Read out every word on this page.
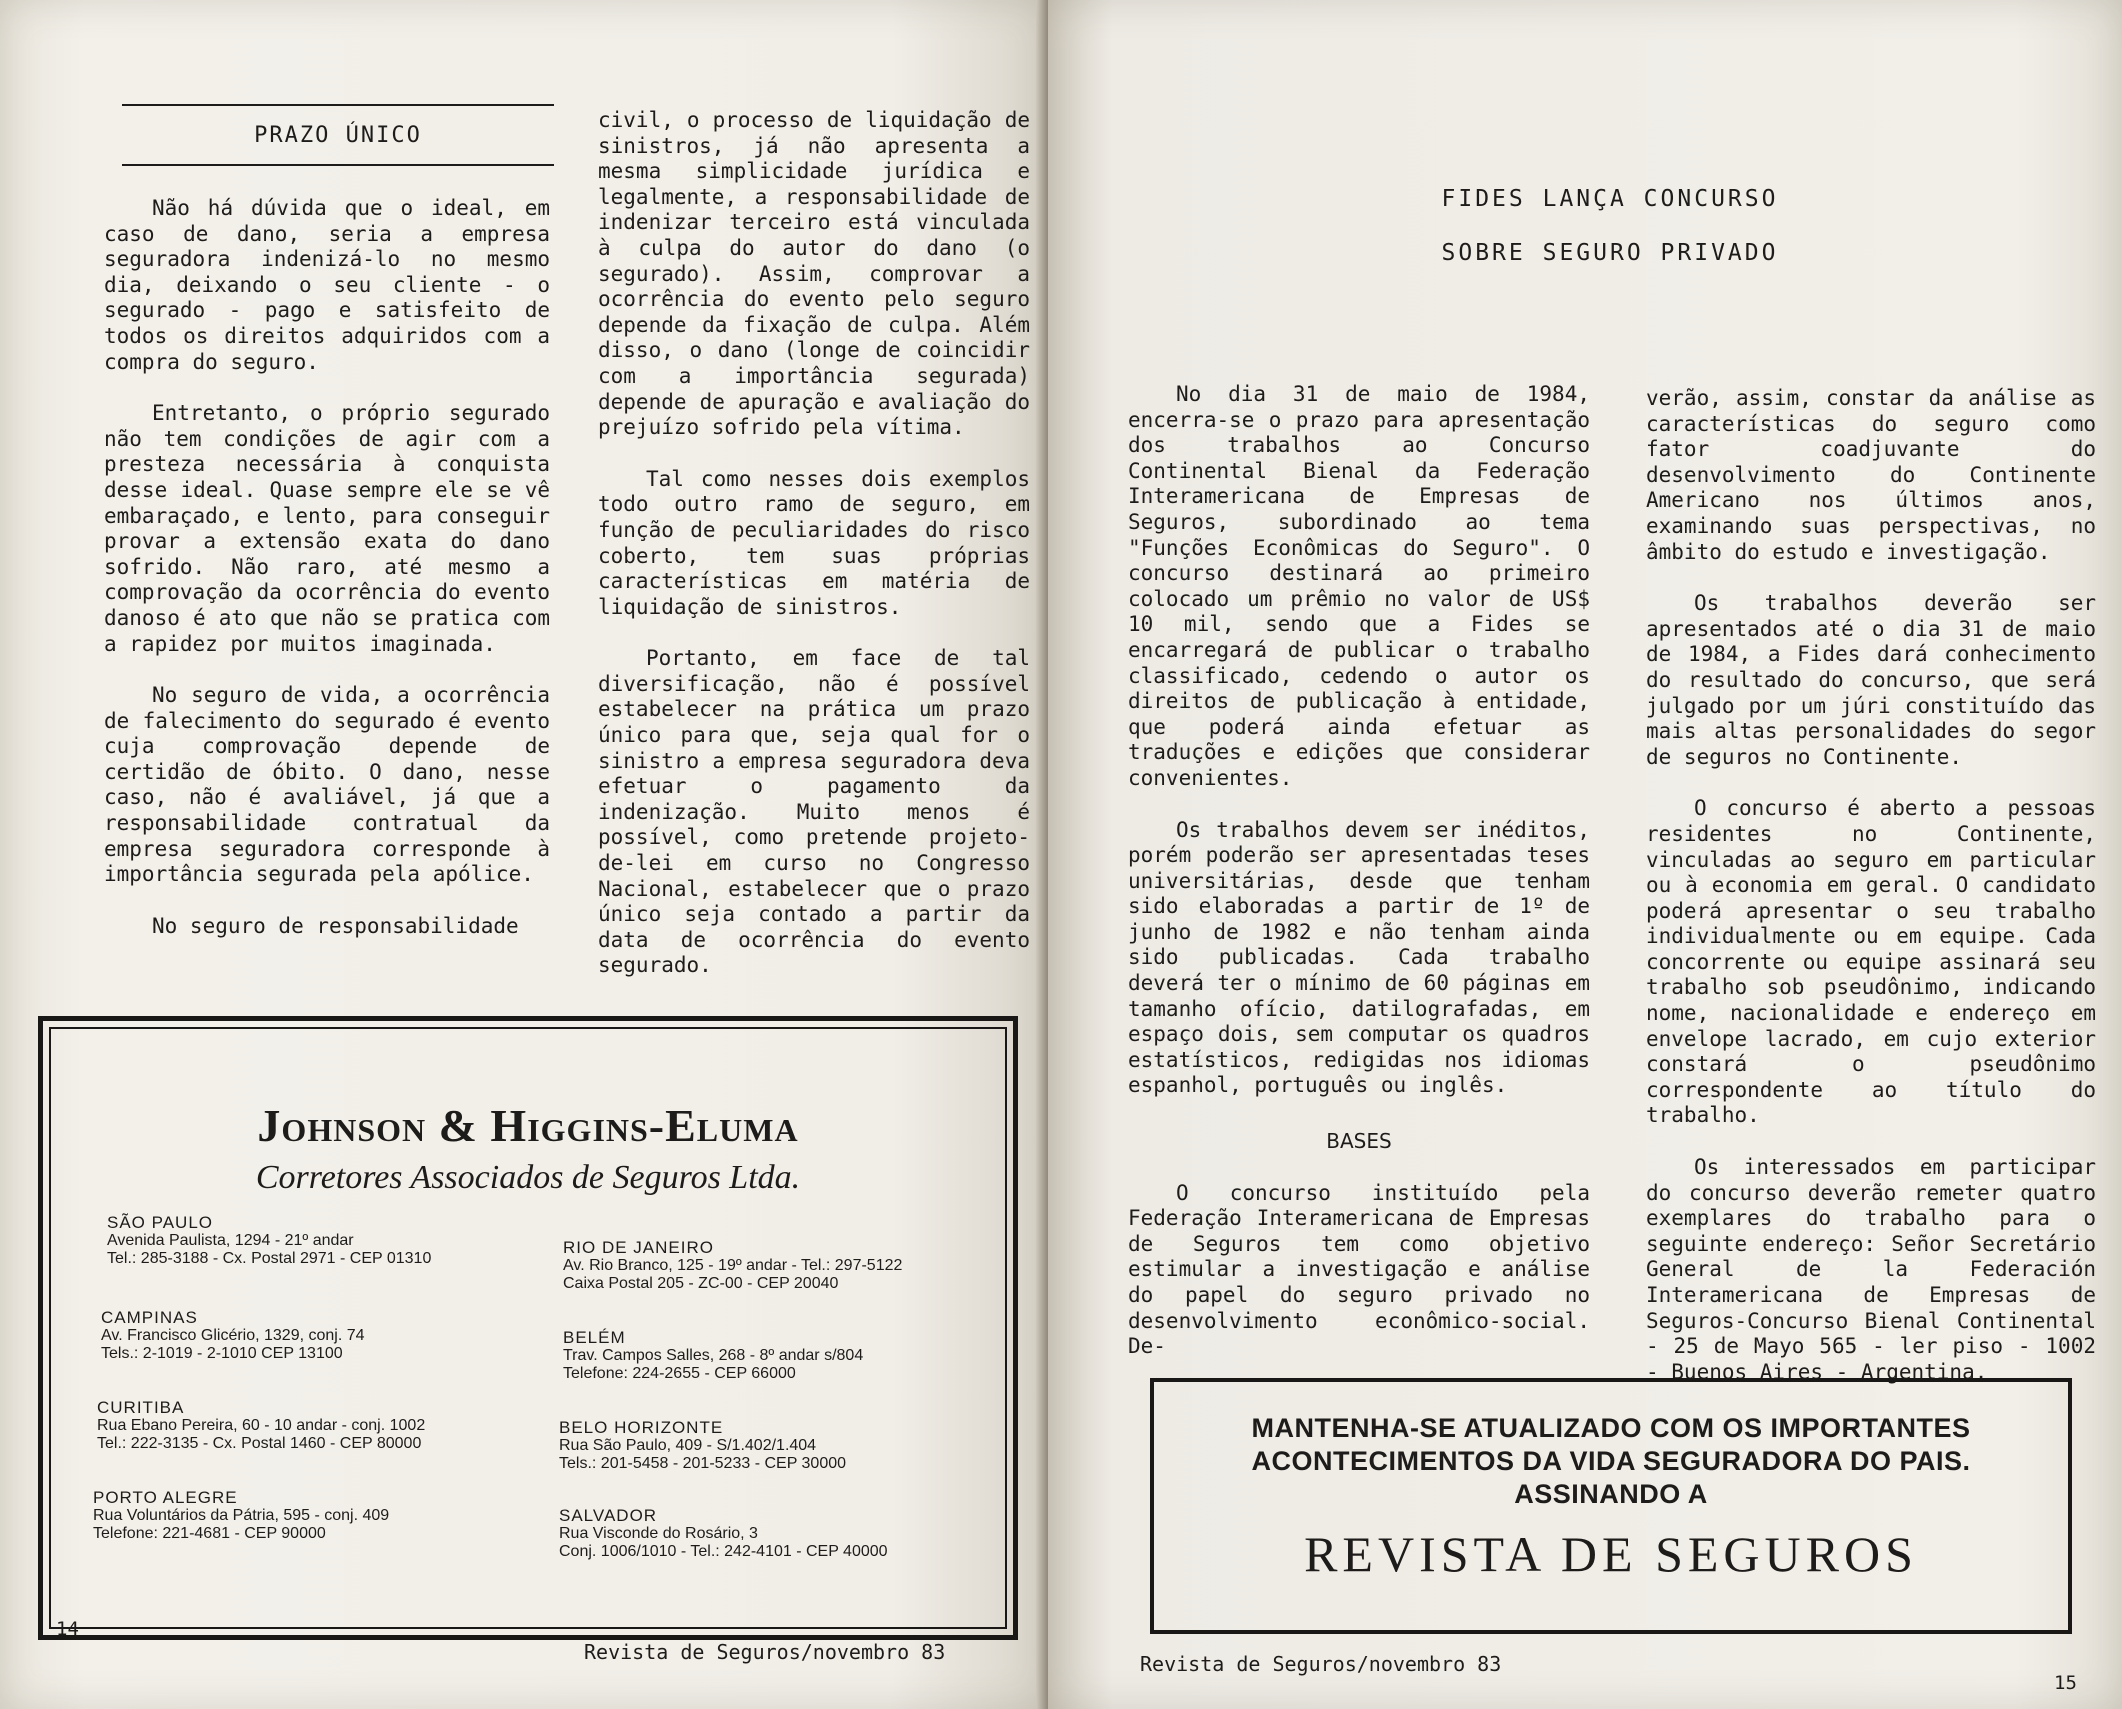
PRAZO ÚNICO

Não há dúvida que o ideal, em caso de dano, seria a empresa seguradora indenizá-lo no mesmo dia, deixando o seu cliente - o segurado - pago e satisfeito de todos os direitos adquiridos com a compra do seguro.

Entretanto, o próprio segurado não tem condições de agir com a presteza necessária à conquista desse ideal. Quase sempre ele se vê embaraçado, e lento, para conseguir provar a extensão exata do dano sofrido. Não raro, até mesmo a comprovação da ocorrência do evento danoso é ato que não se pratica com a rapidez por muitos imaginada.

No seguro de vida, a ocorrência de falecimento do segurado é evento cuja comprovação depende de certidão de óbito. O dano, nesse caso, não é avaliável, já que a responsabilidade contratual da empresa seguradora corresponde à importância segurada pela apólice.

No seguro de responsabilidade

civil, o processo de liquidação de sinistros, já não apresenta a mesma simplicidade jurídica e legalmente, a responsabilidade de indenizar terceiro está vinculada à culpa do autor do dano (o segurado). Assim, comprovar a ocorrência do evento pelo seguro depende da fixação de culpa. Além disso, o dano (longe de coincidir com a importância segurada) depende de apuração e avaliação do prejuízo sofrido pela vítima.

Tal como nesses dois exemplos todo outro ramo de seguro, em função de peculiaridades do risco coberto, tem suas próprias características em matéria de liquidação de sinistros.

Portanto, em face de tal diversificação, não é possível estabelecer na prática um prazo único para que, seja qual for o sinistro a empresa seguradora deva efetuar o pagamento da indenização. Muito menos é possível, como pretende projeto-de-lei em curso no Congresso Nacional, estabelecer que o prazo único seja contado a partir da data de ocorrência do evento segurado.

Johnson & Higgins-Eluma
Corretores Associados de Seguros Ltda.
SÃO PAULO
Avenida Paulista, 1294 - 21º andar
Tel.: 285-3188 - Cx. Postal 2971 - CEP 01310
RIO DE JANEIRO
Av. Rio Branco, 125 - 19º andar - Tel.: 297-5122
Caixa Postal 205 - ZC-00 - CEP 20040
CAMPINAS
Av. Francisco Glicério, 1329, conj. 74
Tels.: 2-1019 - 2-1010 CEP 13100
BELÉM
Trav. Campos Salles, 268 - 8º andar s/804
Telefone: 224-2655 - CEP 66000
CURITIBA
Rua Ebano Pereira, 60 - 10 andar - conj. 1002
Tel.: 222-3135 - Cx. Postal 1460 - CEP 80000
BELO HORIZONTE
Rua São Paulo, 409 - S/1.402/1.404
Tels.: 201-5458 - 201-5233 - CEP 30000
PORTO ALEGRE
Rua Voluntários da Pátria, 595 - conj. 409
Telefone: 221-4681 - CEP 90000
SALVADOR
Rua Visconde do Rosário, 3
Conj. 1006/1010 - Tel.: 242-4101 - CEP 40000
14
Revista de Seguros/novembro 83
FIDES LANÇA CONCURSO
SOBRE SEGURO PRIVADO

No dia 31 de maio de 1984, encerra-se o prazo para apresentação dos trabalhos ao Concurso Continental Bienal da Federação Interamericana de Empresas de Seguros, subordinado ao tema "Funções Econômicas do Seguro". O concurso destinará ao primeiro colocado um prêmio no valor de US$ 10 mil, sendo que a Fides se encarregará de publicar o trabalho classificado, cedendo o autor os direitos de publicação à entidade, que poderá ainda efetuar as traduções e edições que considerar convenientes.

Os trabalhos devem ser inéditos, porém poderão ser apresentadas teses universitárias, desde que tenham sido elaboradas a partir de 1º de junho de 1982 e não tenham ainda sido publicadas. Cada trabalho deverá ter o mínimo de 60 páginas em tamanho ofício, datilografadas, em espaço dois, sem computar os quadros estatísticos, redigidas nos idiomas espanhol, português ou inglês.

BASES

O concurso instituído pela Federação Interamericana de Empresas de Seguros tem como objetivo estimular a investigação e análise do papel do seguro privado no desenvolvimento econômico-social. De-

verão, assim, constar da análise as características do seguro como fator coadjuvante do desenvolvimento do Continente Americano nos últimos anos, examinando suas perspectivas, no âmbito do estudo e investigação.

Os trabalhos deverão ser apresentados até o dia 31 de maio de 1984, a Fides dará conhecimento do resultado do concurso, que será julgado por um júri constituído das mais altas personalidades do segor de seguros no Continente.

O concurso é aberto a pessoas residentes no Continente, vinculadas ao seguro em particular ou à economia em geral. O candidato poderá apresentar o seu trabalho individualmente ou em equipe. Cada concorrente ou equipe assinará seu trabalho sob pseudônimo, indicando nome, nacionalidade e endereço em envelope lacrado, em cujo exterior constará o pseudônimo correspondente ao título do trabalho.

Os interessados em participar do concurso deverão remeter quatro exemplares do trabalho para o seguinte endereço: Señor Secretário General de la Federación Interamericana de Empresas de Seguros-Concurso Bienal Continental - 25 de Mayo 565 - ler piso - 1002 - Buenos Aires - Argentina.

MANTENHA-SE ATUALIZADO COM OS IMPORTANTES
ACONTECIMENTOS DA VIDA SEGURADORA DO PAIS.
ASSINANDO A
REVISTA DE SEGUROS
Revista de Seguros/novembro 83
15
